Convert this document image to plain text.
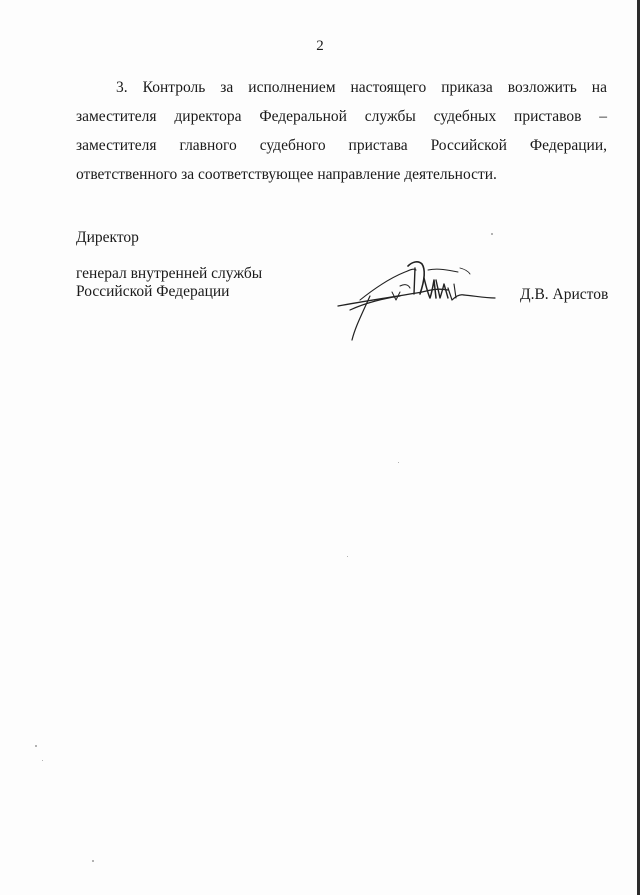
2

3. Контроль за исполнением настоящего приказа возложить на заместителя директора Федеральной службы судебных приставов – заместителя главного судебного пристава Российской Федерации, ответственного за соответствующее направление деятельности.

Директор
генерал внутренней службы
Российской Федерации	Д.В. Аристов
